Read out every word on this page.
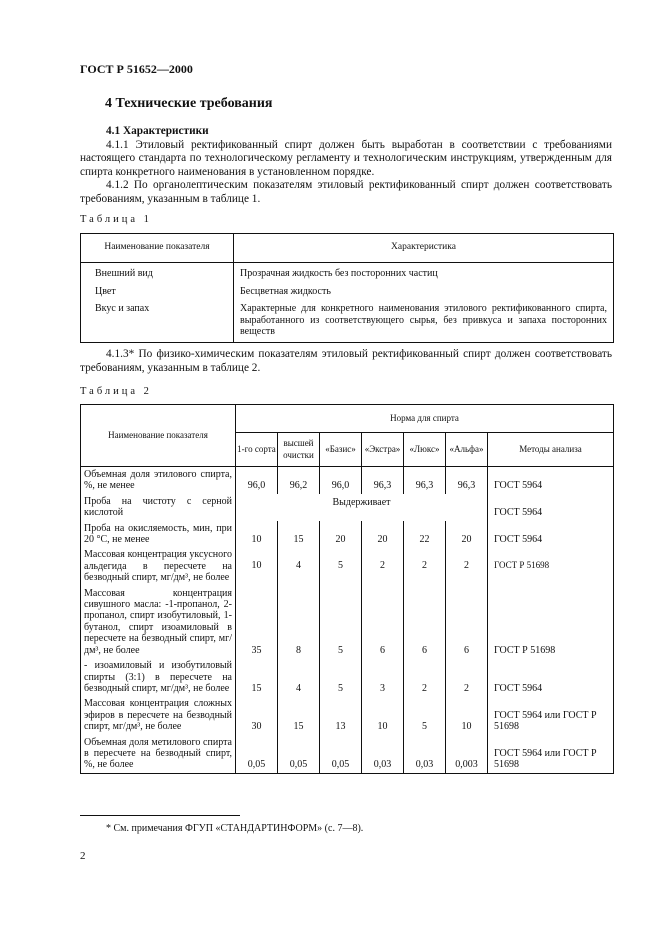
ГОСТ Р 51652—2000
4 Технические требования
4.1 Характеристики
4.1.1 Этиловый ректификованный спирт должен быть выработан в соответствии с требованиями настоящего стандарта по технологическому регламенту и технологическим инструкциям, утвержденным для спирта конкретного наименования в установленном порядке.
4.1.2 По органолептическим показателям этиловый ректификованный спирт должен соответствовать требованиям, указанным в таблице 1.
Таблица 1
Наименование показателя	Характеристика
Внешний вид	Прозрачная жидкость без посторонних частиц
Цвет	Бесцветная жидкость
Вкус и запах	Характерные для конкретного наименования этилового ректификованного спирта, выработанного из соответствующего сырья, без привкуса и запаха посторонних веществ
4.1.3* По физико-химическим показателям этиловый ректификованный спирт должен соответствовать требованиям, указанным в таблице 2.
Таблица 2
Наименование показателя	Норма для спирта						
	1-го сорта	высшей очистки	«Базис»	«Экстра»	«Люкс»	«Альфа»	Методы анализа
Объемная доля этилового спирта, %, не менее	96,0	96,2	96,0	96,3	96,3	96,3	ГОСТ 5964
Проба на чистоту с серной кислотой	Выдерживает						ГОСТ 5964
Проба на окисляемость, мин, при 20 °С, не менее	10	15	20	20	22	20	ГОСТ 5964
Массовая концентрация уксусного альдегида в пересчете на безводный спирт, мг/дм³, не более	10	4	5	2	2	2	ГОСТ Р 51698
Массовая концентрация сивушного масла: -1-пропанол, 2-пропанол, спирт изобутиловый, 1-бутанол, спирт изоамиловый в пересчете на безводный спирт, мг/дм³, не более	35	8	5	6	6	6	ГОСТ Р 51698
- изоамиловый и изобутиловый спирты (3:1) в пересчете на безводный спирт, мг/дм³, не более	15	4	5	3	2	2	ГОСТ 5964
Массовая концентрация сложных эфиров в пересчете на безводный спирт, мг/дм³, не более	30	15	13	10	5	10	ГОСТ 5964 или ГОСТ Р 51698
Объемная доля метилового спирта в пересчете на безводный спирт, %, не более	0,05	0,05	0,05	0,03	0,03	0,003	ГОСТ 5964 или ГОСТ Р 51698
* См. примечания ФГУП «СТАНДАРТИНФОРМ» (с. 7—8).
2
